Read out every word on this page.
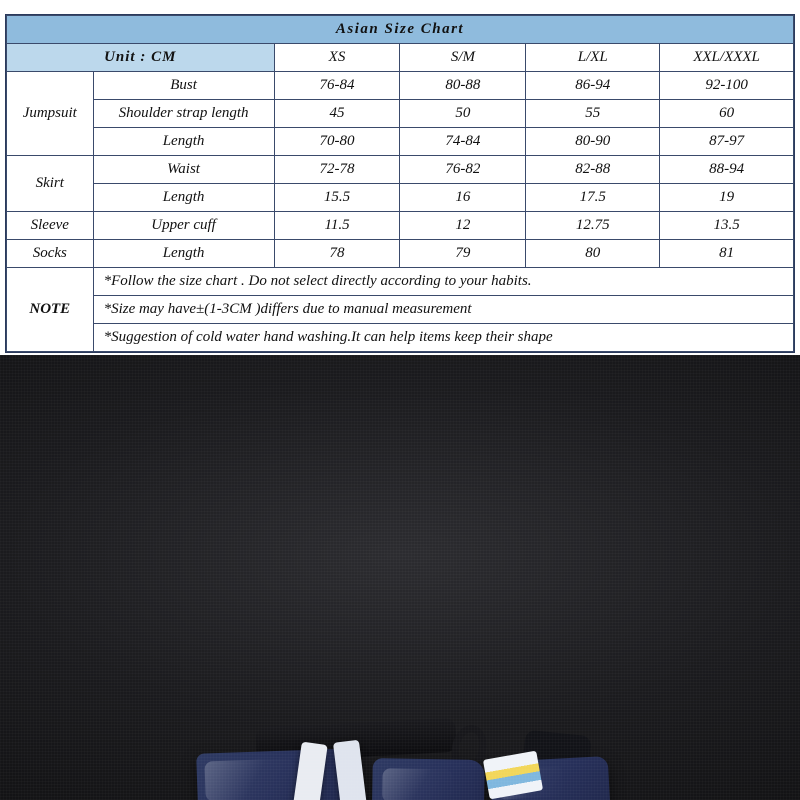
Asian Size Chart					
Unit : CM		XS	S/M	L/XL	XXL/XXXL
Jumpsuit	Bust	76-84	80-88	86-94	92-100
	Shoulder strap length	45	50	55	60
	Length	70-80	74-84	80-90	87-97
Skirt	Waist	72-78	76-82	82-88	88-94
	Length	15.5	16	17.5	19
Sleeve	Upper cuff	11.5	12	12.75	13.5
Socks	Length	78	79	80	81
NOTE	*Follow the size chart . Do not select directly according to your habits.				
	*Size may have±(1-3CM )differs due to manual measurement				
	*Suggestion of cold water hand washing.It can help items keep their shape				
